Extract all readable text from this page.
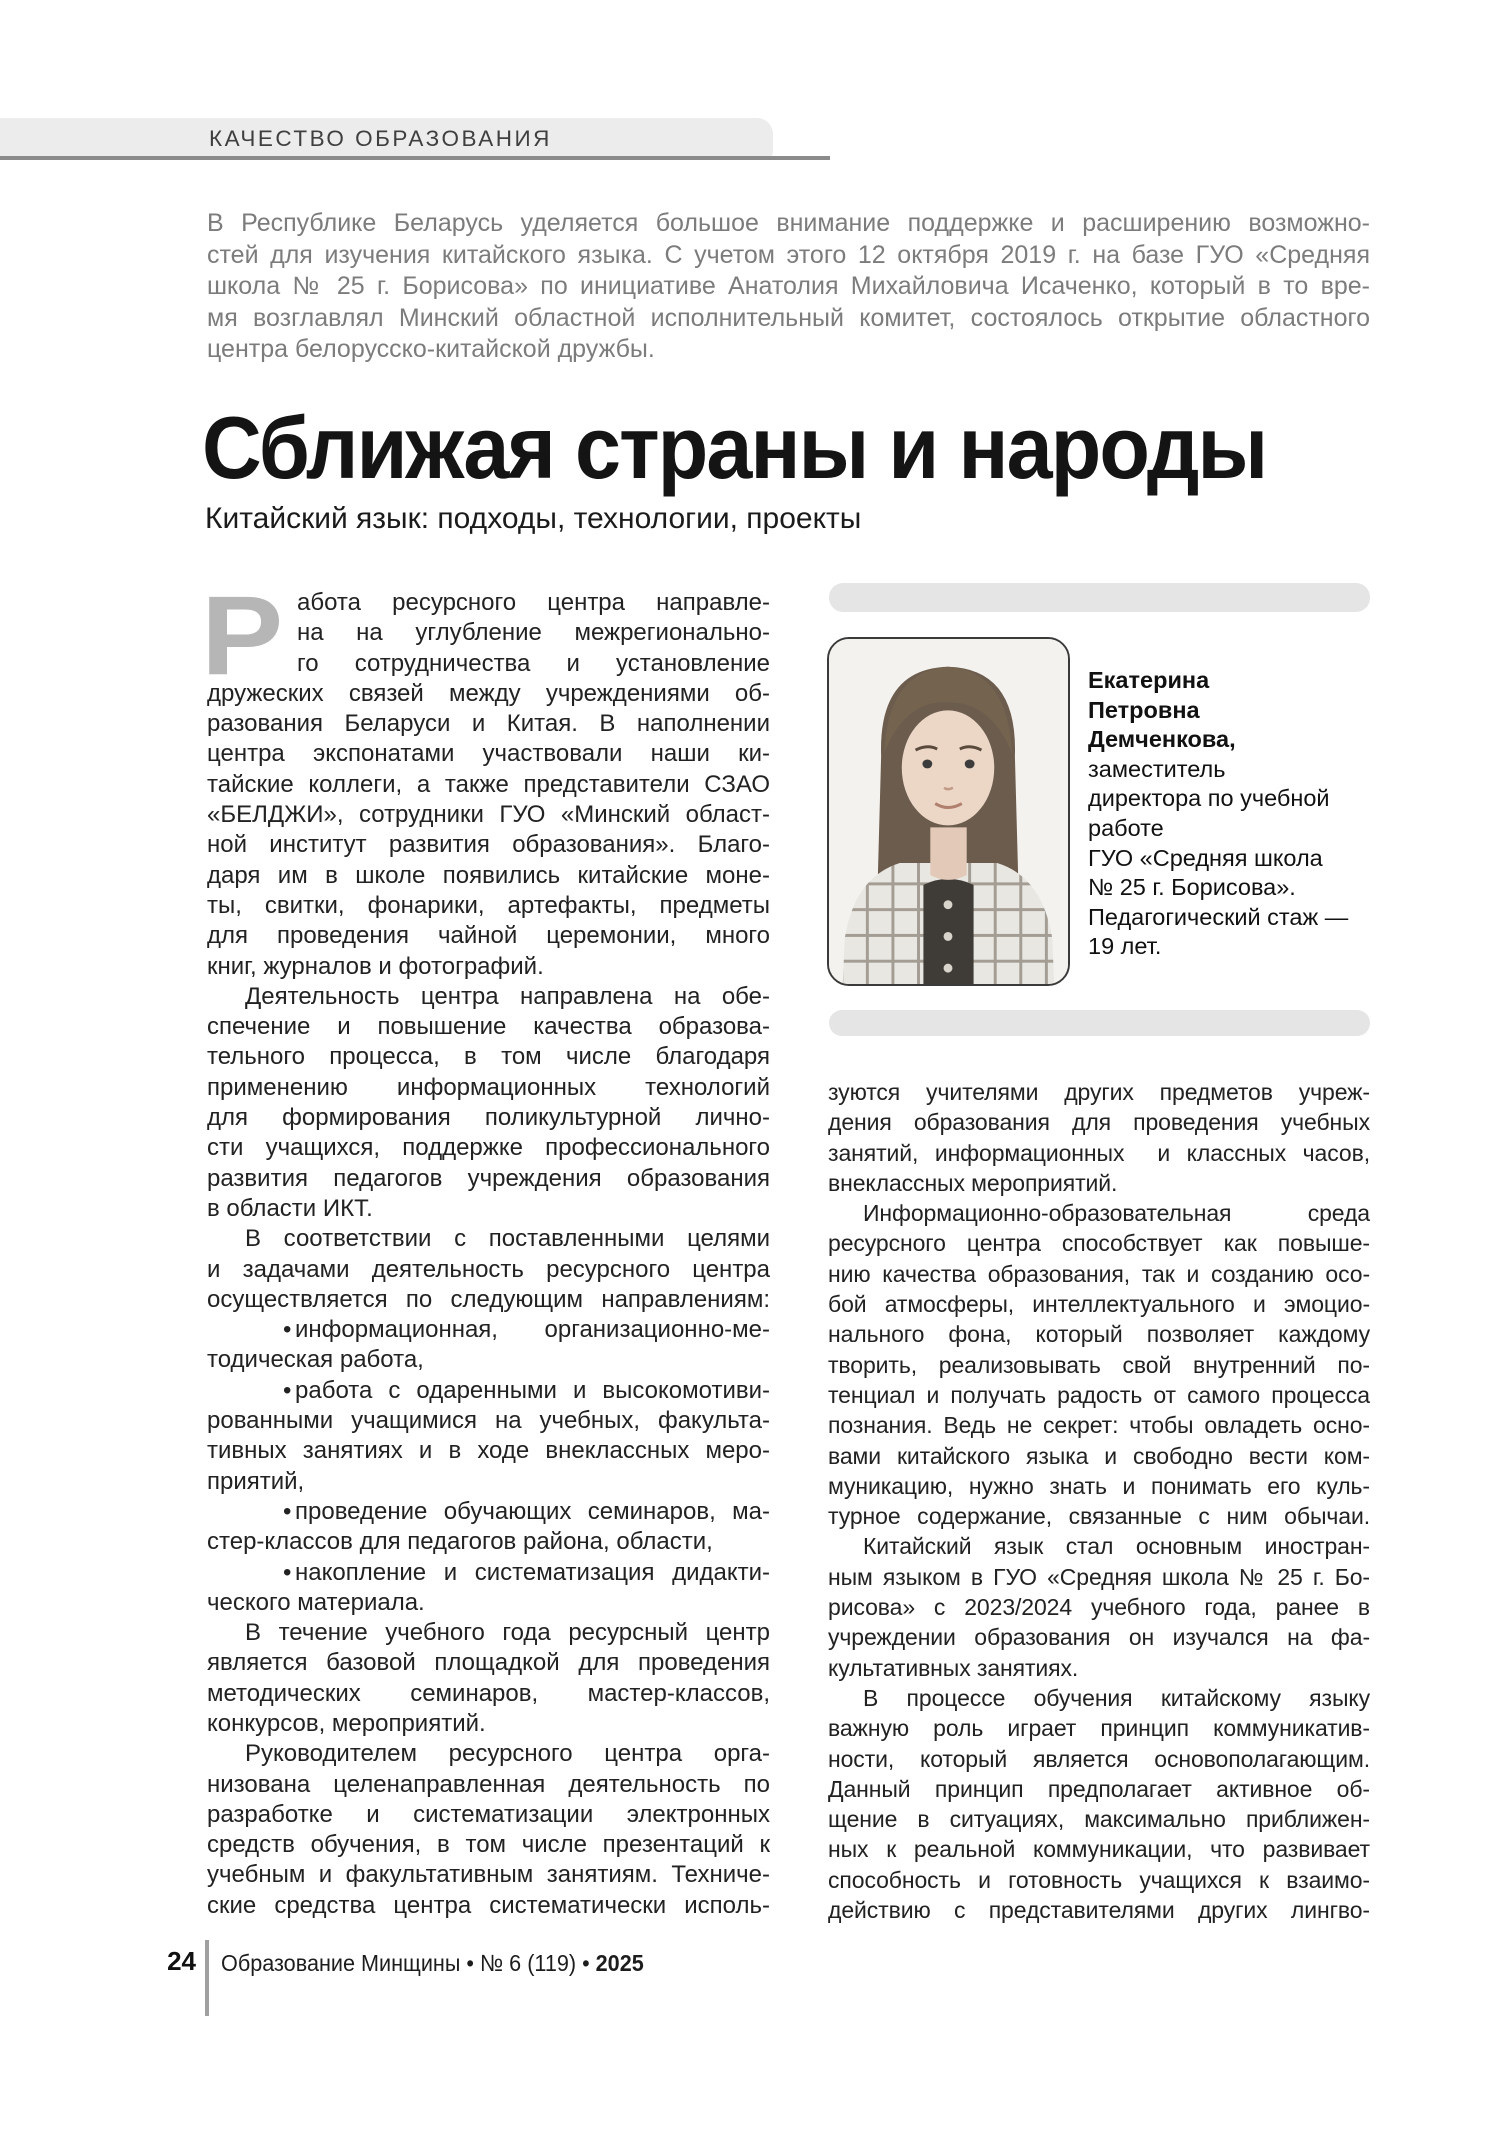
КАЧЕСТВО ОБРАЗОВАНИЯ
В Республике Беларусь уделяется большое внимание поддержке и расширению возможно-
стей для изучения китайского языка. С учетом этого 12 октября 2019 г. на базе ГУО «Средняя
школа № 25 г. Борисова» по инициативе Анатолия Михайловича Исаченко, который в то вре-
мя возглавлял Минский областной исполнительный комитет, состоялось открытие областного
центра белорусско-китайской дружбы.
Сближая страны и народы
Китайский язык: подходы, технологии, проекты
Р абота ресурсного центра направле-
на на углубление межрегионально-
го сотрудничества и установление
дружеских связей между учреждениями об-
разования Беларуси и Китая. В наполнении
центра экспонатами участвовали наши ки-
тайские коллеги, а также представители СЗАО
«БЕЛДЖИ», сотрудники ГУО «Минский област-
ной институт развития образования». Благо-
даря им в школе появились китайские моне-
ты, свитки, фонарики, артефакты, предметы
для проведения чайной церемонии, много
книг, журналов и фотографий.
Деятельность центра направлена на обе-
спечение и повышение качества образова-
тельного процесса, в том числе благодаря
применению информационных технологий
для формирования поликультурной лично-
сти учащихся, поддержке профессионального
развития педагогов учреждения образования
в области ИКТ.
В соответствии с поставленными целями
и задачами деятельность ресурсного центра
осуществляется по следующим направлениям:
• информационная, организационно-ме-
тодическая работа,
• работа с одаренными и высокомотиви-
рованными учащимися на учебных, факульта-
тивных занятиях и в ходе внеклассных меро-
приятий,
• проведение обучающих семинаров, ма-
стер-классов для педагогов района, области,
• накопление и систематизация дидакти-
ческого материала.
В течение учебного года ресурсный центр
является базовой площадкой для проведения
методических семинаров, мастер-классов,
конкурсов, мероприятий.
Руководителем ресурсного центра орга-
низована целенаправленная деятельность по
разработке и систематизации электронных
средств обучения, в том числе презентаций к
учебным и факультативным занятиям. Техниче-
ские средства центра систематически исполь-
Екатерина
Петровна
Демченкова,
заместитель
директора по учебной
работе
ГУО «Средняя школа
№ 25 г. Борисова».
Педагогический стаж —
19 лет.
зуются учителями других предметов учреж-
дения образования для проведения учебных
занятий, информационных  и классных часов,
внеклассных мероприятий.
Информационно-образовательная среда
ресурсного центра способствует как повыше-
нию качества образования, так и созданию осо-
бой атмосферы, интеллектуального и эмоцио-
нального фона, который позволяет каждому
творить, реализовывать свой внутренний по-
тенциал и получать радость от самого процесса
познания. Ведь не секрет: чтобы овладеть осно-
вами китайского языка и свободно вести ком-
муникацию, нужно знать и понимать его куль-
турное содержание, связанные с ним обычаи.
Китайский язык стал основным иностран-
ным языком в ГУО «Средняя школа № 25 г. Бо-
рисова» с 2023/2024 учебного года, ранее в
учреждении образования он изучался на фа-
культативных занятиях.
В процессе обучения китайскому языку
важную роль играет принцип коммуникатив-
ности, который является основополагающим.
Данный принцип предполагает активное об-
щение в ситуациях, максимально приближен-
ных к реальной коммуникации, что развивает
способность и готовность учащихся к взаимо-
действию с представителями других лингво-
24 Образование Минщины • № 6 (119) • 2025
